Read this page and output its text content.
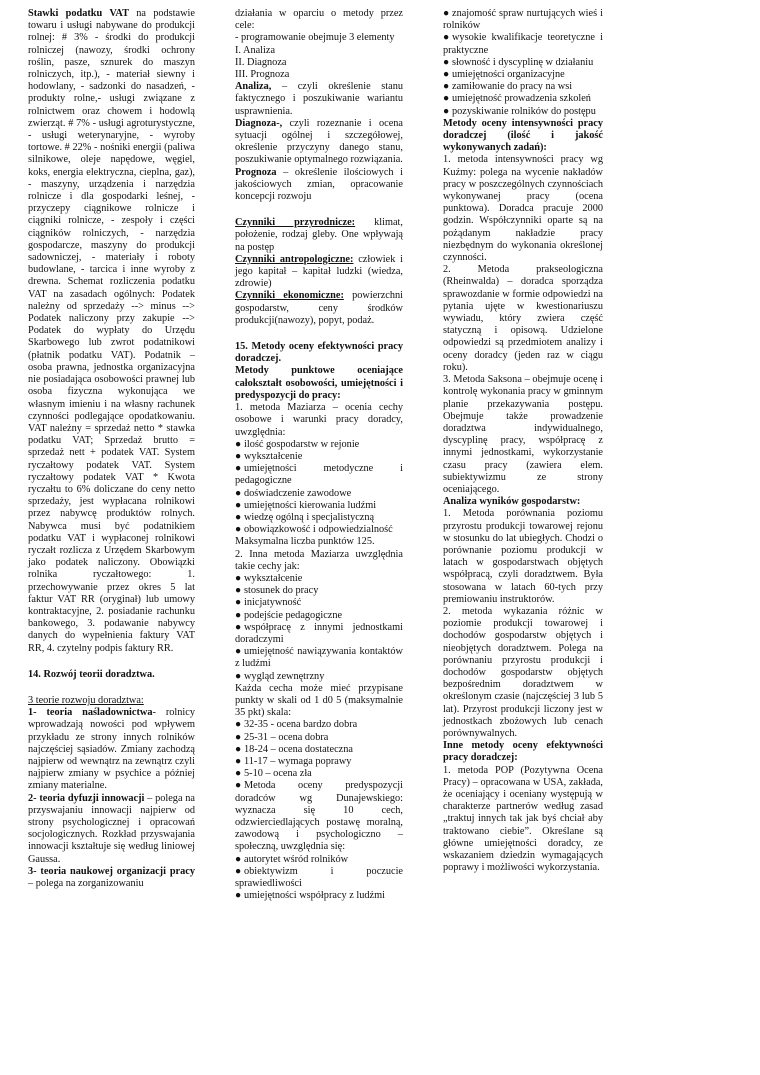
Stawki podatku VAT na podstawie towaru i usługi nabywane do produkcji rolnej: # 3% - środki do produkcji rolniczej (nawozy, środki ochrony roślin, pasze, sznurek do maszyn rolniczych, itp.), - materiał siewny i hodowlany, - sadzonki do nasadzeń, - produkty rolne,- usługi związane z rolnictwem oraz chowem i hodowlą zwierząt. # 7% - usługi agroturystyczne, - usługi weterynaryjne, - wyroby tortowe. # 22% - nośniki energii (paliwa silnikowe, oleje napędowe, węgiel, koks, energia elektryczna, cieplna, gaz), - maszyny, urządzenia i narzędzia rolnicze i dla gospodarki leśnej, - przyczepy ciągnikowe rolnicze i ciągniki rolnicze, - zespoły i części ciągników rolniczych, - narzędzia gospodarcze, maszyny do produkcji sadowniczej, - materiały i roboty budowlane, - tarcica i inne wyroby z drewna. Schemat rozliczenia podatku VAT na zasadach ogólnych: Podatek należny od sprzedaży --> minus --> Podatek naliczony przy zakupie --> Podatek do wypłaty do Urzędu Skarbowego lub zwrot podatnikowi (płatnik podatku VAT). Podatnik – osoba prawna, jednostka organizacyjna nie posiadająca osobowości prawnej lub osoba fizyczna wykonująca we własnym imieniu i na własny rachunek czynności podlegające opodatkowaniu. VAT należny = sprzedaż netto * stawka podatku VAT; Sprzedaż brutto = sprzedaż nett + podatek VAT. System ryczałtowy podatek VAT. System ryczałtowy podatek VAT * Kwota ryczałtu to 6% doliczane do ceny netto sprzedaży, jest wypłacana rolnikowi przez nabywcę produktów rolnych. Nabywca musi być podatnikiem podatku VAT i wypłaconej rolnikowi ryczałt rozlicza z Urzędem Skarbowym jako podatek naliczony. Obowiązki rolnika ryczałtowego: 1. przechowywanie przez okres 5 lat faktur VAT RR (oryginał) lub umowy kontraktacyjne, 2. posiadanie rachunku bankowego, 3. podawanie nabywcy danych do wypełnienia faktury VAT RR, 4. czytelny podpis faktury RR.

14. Rozwój teorii doradztwa.

3 teorie rozwoju doradztwa:

1- teoria naśladownictwa- rolnicy wprowadzają nowości pod wpływem przykładu ze strony innych rolników najczęściej sąsiadów. Zmiany zachodzą najpierw od wewnątrz na zewnątrz czyli najpierw zmiany w psychice a później zmiany materialne.

2- teoria dyfuzji innowacji – polega na przyswajaniu innowacji najpierw od strony psychologicznej i opracowań socjologicznych. Rozkład przyswajania innowacji kształtuje się według liniowej Gaussa.

3- teoria naukowej organizacji pracy – polega na zorganizowaniu

działania w oparciu o metody przez cele:

- programowanie obejmuje 3 elementy

I. Analiza

II. Diagnoza

III. Prognoza

Analiza, – czyli określenie stanu faktycznego i poszukiwanie wariantu usprawnienia.

Diagnoza-, czyli rozeznanie i ocena sytuacji ogólnej i szczegółowej, określenie przyczyny danego stanu, poszukiwanie optymalnego rozwiązania.

Prognoza – określenie ilościowych i jakościowych zmian, opracowanie koncepcji rozwoju

Czynniki przyrodnicze: klimat, położenie, rodzaj gleby. One wpływają na postęp

Czynniki antropologiczne: człowiek i jego kapitał – kapitał ludzki (wiedza, zdrowie)

Czynniki ekonomiczne: powierzchni gospodarstw, ceny środków produkcji(nawozy), popyt, podaż.

15. Metody oceny efektywności pracy doradczej.

Metody punktowe oceniające całokształt osobowości, umiejętności i predyspozycji do pracy:

1. metoda Maziarza – ocenia cechy osobowe i warunki pracy doradcy, uwzględnia:

● ilość gospodarstw w rejonie
● wykształcenie
● umiejętności metodyczne i pedagogiczne
● doświadczenie zawodowe
● umiejętności kierowania ludźmi
● wiedzę ogólną i specjalistyczną
● obowiązkowość i odpowiedzialność

Maksymalna liczba punktów 125.

2. Inna metoda Maziarza uwzględnia takie cechy jak:

● wykształcenie
● stosunek do pracy
● inicjatywność
● podejście pedagogiczne
● współpracę z innymi jednostkami doradczymi
● umiejętność nawiązywania kontaktów z ludźmi
● wygląd zewnętrzny

Każda cecha może mieć przypisane punkty w skali od 1 d0 5 (maksymalnie 35 pkt) skala:

● 32-35 - ocena bardzo dobra
● 25-31 – ocena dobra
● 18-24 – ocena dostateczna
● 11-17 – wymaga poprawy
● 5-10 – ocena zła
● Metoda oceny predyspozycji doradców wg Dunajewskiego: wyznacza się 10 cech, odzwierciedlających postawę moralną, zawodową i psychologiczno – społeczną, uwzględnia się:
● autorytet wśród rolników
● obiektywizm i poczucie sprawiedliwości
● umiejętności współpracy z ludźmi
● znajomość spraw nurtujących wieś i rolników
● wysokie kwalifikacje teoretyczne i praktyczne
● słowność i dyscyplinę w działaniu
● umiejętności organizacyjne
● zamiłowanie do pracy na wsi
● umiejętność prowadzenia szkoleń
● pozyskiwanie rolników do postępu

Metody oceny intensywności pracy doradczej (ilość i jakość wykonywanych zadań):

1. metoda intensywności pracy wg Kuźmy: polega na wycenie nakładów pracy w poszczególnych czynnościach wykonywanej pracy (ocena punktowa). Doradca pracuje 2000 godzin. Współczynniki oparte są na pożądanym nakładzie pracy niezbędnym do wykonania określonej czynności.

2. Metoda prakseologiczna (Rheinwalda) – doradca sporządza sprawozdanie w formie odpowiedzi na pytania ujęte w kwestionariuszu wywiadu, który zwiera część statyczną i opisową. Udzielone odpowiedzi są przedmiotem analizy i oceny doradcy (jeden raz w ciągu roku).

3. Metoda Saksona – obejmuje ocenę i kontrolę wykonania pracy w gminnym planie przekazywania postępu. Obejmuje także prowadzenie doradztwa indywidualnego, dyscyplinę pracy, współpracę z innymi jednostkami, wykorzystanie czasu pracy (zawiera elem. subiektywizmu ze strony oceniającego.

Analiza wyników gospodarstw:

1. Metoda porównania poziomu przyrostu produkcji towarowej rejonu w stosunku do lat ubiegłych. Chodzi o porównanie poziomu produkcji w latach w gospodarstwach objętych współpracą, czyli doradztwem. Była stosowana w latach 60-tych przy premiowaniu instruktorów.

2. metoda wykazania różnic w poziomie produkcji towarowej i dochodów gospodarstw objętych i nieobjętych doradztwem. Polega na porównaniu przyrostu produkcji i dochodów gospodarstw objętych bezpośrednim doradztwem w określonym czasie (najczęściej 3 lub 5 lat). Przyrost produkcji liczony jest w jednostkach zbożowych lub cenach porównywalnych.

Inne metody oceny efektywności pracy doradczej:

1. metoda POP (Pozytywna Ocena Pracy) – opracowana w USA, zakłada, że oceniający i oceniany występują w charakterze partnerów według zasad „traktuj innych tak jak byś chciał aby traktowano ciebie”. Określane są główne umiejętności doradcy, ze wskazaniem dziedzin wymagających poprawy i możliwości wykorzystania.
